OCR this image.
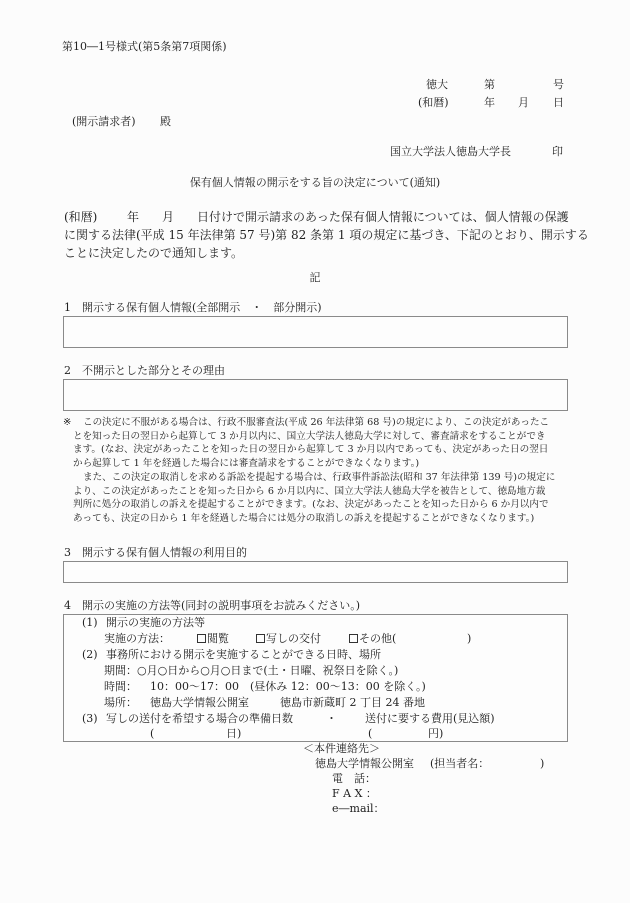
第10―1号様式(第5条第7項関係)
徳大	第	号
(和暦)	年 月 日
(開示請求者) 殿
国立大学法人徳島大学長	印
保有個人情報の開示をする旨の決定について(通知)
(和暦) 年 月 日付けで開示請求のあった保有個人情報については、個人情報の保護
に関する法律(平成 15 年法律第 57 号)第 82 条第 1 項の規定に基づき、下記のとおり、開示する
ことに決定したので通知します。
記
1 開示する保有個人情報(全部開示　・　部分開示)
2 不開示とした部分とその理由
※ この決定に不服がある場合は、行政不服審査法(平成 26 年法律第 68 号)の規定により、この決定があったこ
とを知った日の翌日から起算して 3 か月以内に、国立大学法人徳島大学に対して、審査請求をすることができ
ます。(なお、決定があったことを知った日の翌日から起算して 3 か月以内であっても、決定があった日の翌日
から起算して 1 年を経過した場合には審査請求をすることができなくなります。)
また、この決定の取消しを求める訴訟を提起する場合は、行政事件訴訟法(昭和 37 年法律第 139 号)の規定に
より、この決定があったことを知った日から 6 か月以内に、国立大学法人徳島大学を被告として、徳島地方裁
判所に処分の取消しの訴えを提起することができます。(なお、決定があったことを知った日から 6 か月以内で
あっても、決定の日から 1 年を経過した場合には処分の取消しの訴えを提起することができなくなります。)
3 開示する保有個人情報の利用目的
4 開示の実施の方法等(同封の説明事項をお読みください。)
(1) 開示の実施の方法等
実施の方法：	閲覧	写しの交付	その他(	)
(2) 事務所における開示を実施することができる日時、場所
期間：○月○日から○月○日まで(土・日曜、祝祭日を除く。)
時間： 10：00～17：00 (昼休み 12：00～13：00 を除く。)
場所： 徳島大学情報公開室	徳島市新蔵町 2 丁目 24 番地
(3) 写しの送付を希望する場合の準備日数	・	送付に要する費用(見込額)
(	日)	(	円)
＜本件連絡先＞
徳島大学情報公開室 (担当者名：	)
電　話：
F A X ：
e―mail：
